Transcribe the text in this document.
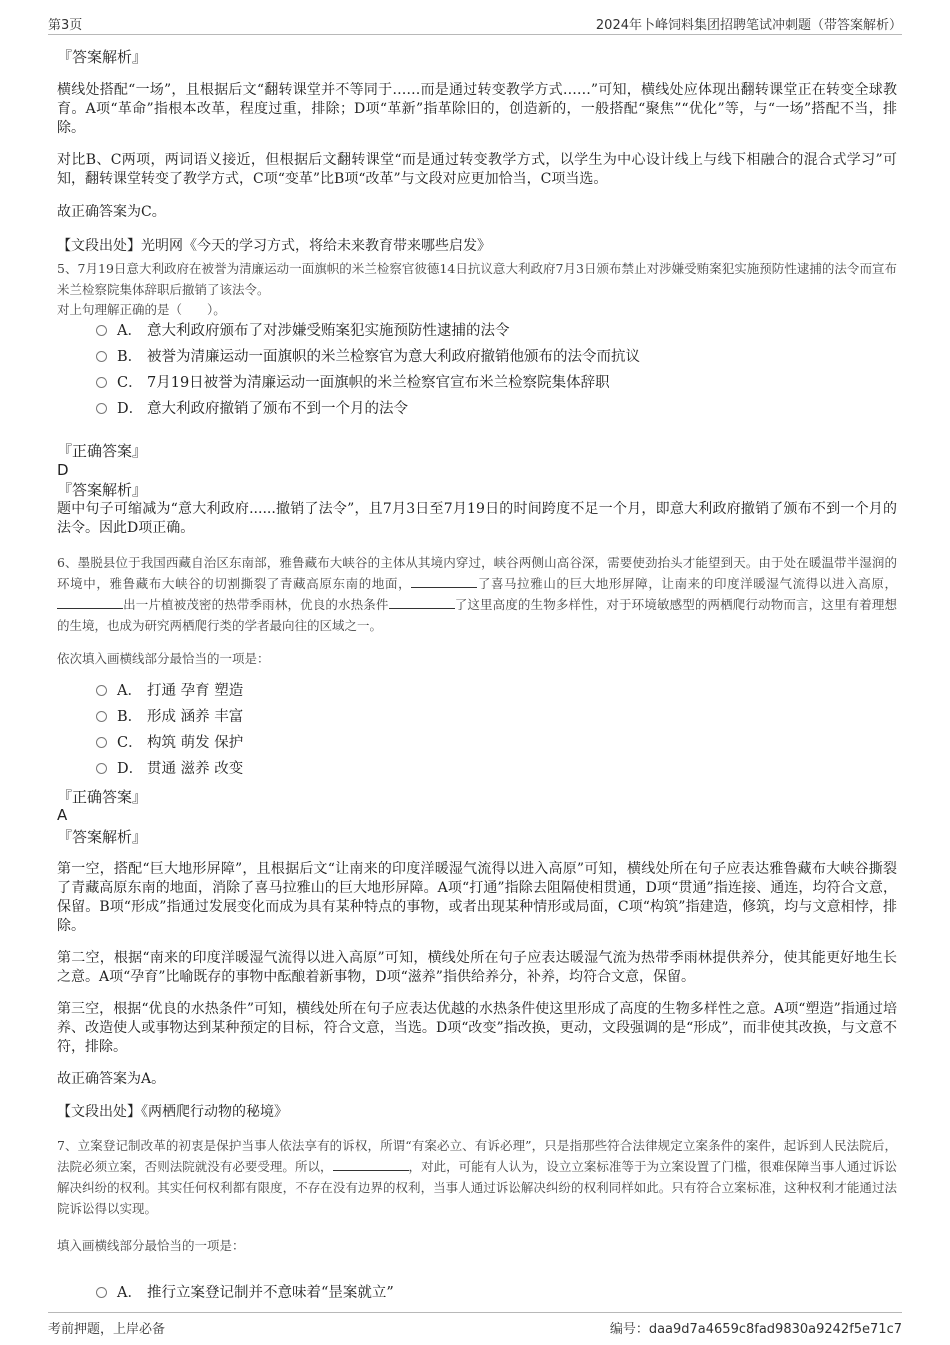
第3页	2024年卜峰饲料集团招聘笔试冲刺题（带答案解析）
『答案解析』
横线处搭配“一场”，且根据后文“翻转课堂并不等同于……而是通过转变教学方式……”可知，横线处应体现出翻转课堂正在转变全球教育。A项“革命”指根本改革，程度过重，排除；D项“革新”指革除旧的，创造新的，一般搭配“聚焦”“优化”等，与“一场”搭配不当，排除。
对比B、C两项，两词语义接近，但根据后文翻转课堂“而是通过转变教学方式，以学生为中心设计线上与线下相融合的混合式学习”可知，翻转课堂转变了教学方式，C项“变革”比B项“改革”与文段对应更加恰当，C项当选。
故正确答案为C。
【文段出处】光明网《今天的学习方式，将给未来教育带来哪些启发》
5、7月19日意大利政府在被誉为清廉运动一面旗帜的米兰检察官彼德14日抗议意大利政府7月3日颁布禁止对涉嫌受贿案犯实施预防性逮捕的法令而宣布米兰检察院集体辞职后撤销了该法令。
对上句理解正确的是（　　）。
A． 意大利政府颁布了对涉嫌受贿案犯实施预防性逮捕的法令
B． 被誉为清廉运动一面旗帜的米兰检察官为意大利政府撤销他颁布的法令而抗议
C． 7月19日被誉为清廉运动一面旗帜的米兰检察官宣布米兰检察院集体辞职
D． 意大利政府撤销了颁布不到一个月的法令
『正确答案』
D
『答案解析』
题中句子可缩减为“意大利政府......撤销了法令”，且7月3日至7月19日的时间跨度不足一个月，即意大利政府撤销了颁布不到一个月的法令。因此D项正确。
6、墨脱县位于我国西藏自治区东南部，雅鲁藏布大峡谷的主体从其境内穿过，峡谷两侧山高谷深，需要使劲抬头才能望到天。由于处在暖温带半湿润的环境中，雅鲁藏布大峡谷的切割撕裂了青藏高原东南的地面，	了喜马拉雅山的巨大地形屏障，让南来的印度洋暖湿气流得以进入高原，出一片植被茂密的热带季雨林，优良的水热条件	了这里高度的生物多样性，对于环境敏感型的两栖爬行动物而言，这里有着理想的生境，也成为研究两栖爬行类的学者最向往的区域之一。
依次填入画横线部分最恰当的一项是：
A． 打通 孕育 塑造
B． 形成 涵养 丰富
C． 构筑 萌发 保护
D． 贯通 滋养 改变
『正确答案』
A
『答案解析』
第一空，搭配“巨大地形屏障”，且根据后文“让南来的印度洋暖湿气流得以进入高原”可知，横线处所在句子应表达雅鲁藏布大峡谷撕裂了青藏高原东南的地面，消除了喜马拉雅山的巨大地形屏障。A项“打通”指除去阻隔使相贯通，D项“贯通”指连接、通连，均符合文意，保留。B项“形成”指通过发展变化而成为具有某种特点的事物，或者出现某种情形或局面，C项“构筑”指建造，修筑，均与文意相悖，排除。
第二空，根据“南来的印度洋暖湿气流得以进入高原”可知，横线处所在句子应表达暖湿气流为热带季雨林提供养分，使其能更好地生长之意。A项“孕育”比喻既存的事物中酝酿着新事物，D项“滋养”指供给养分，补养，均符合文意，保留。
第三空，根据“优良的水热条件”可知，横线处所在句子应表达优越的水热条件使这里形成了高度的生物多样性之意。A项“塑造”指通过培养、改造使人或事物达到某种预定的目标，符合文意，当选。D项“改变”指改换，更动，文段强调的是“形成”，而非使其改换，与文意不符，排除。
故正确答案为A。
【文段出处】《两栖爬行动物的秘境》
7、立案登记制改革的初衷是保护当事人依法享有的诉权，所谓“有案必立、有诉必理”，只是指那些符合法律规定立案条件的案件，起诉到人民法院后，法院必须立案，否则法院就没有必要受理。所以，	，对此，可能有人认为，设立立案标准等于为立案设置了门槛，很难保障当事人通过诉讼解决纠纷的权利。其实任何权利都有限度，不存在没有边界的权利，当事人通过诉讼解决纠纷的权利同样如此。只有符合立案标准，这种权利才能通过法院诉讼得以实现。
填入画横线部分最恰当的一项是：
A． 推行立案登记制并不意味着“昰案就立”
考前押题，上岸必备	编号：daa9d7a4659c8fad9830a9242f5e71c7
